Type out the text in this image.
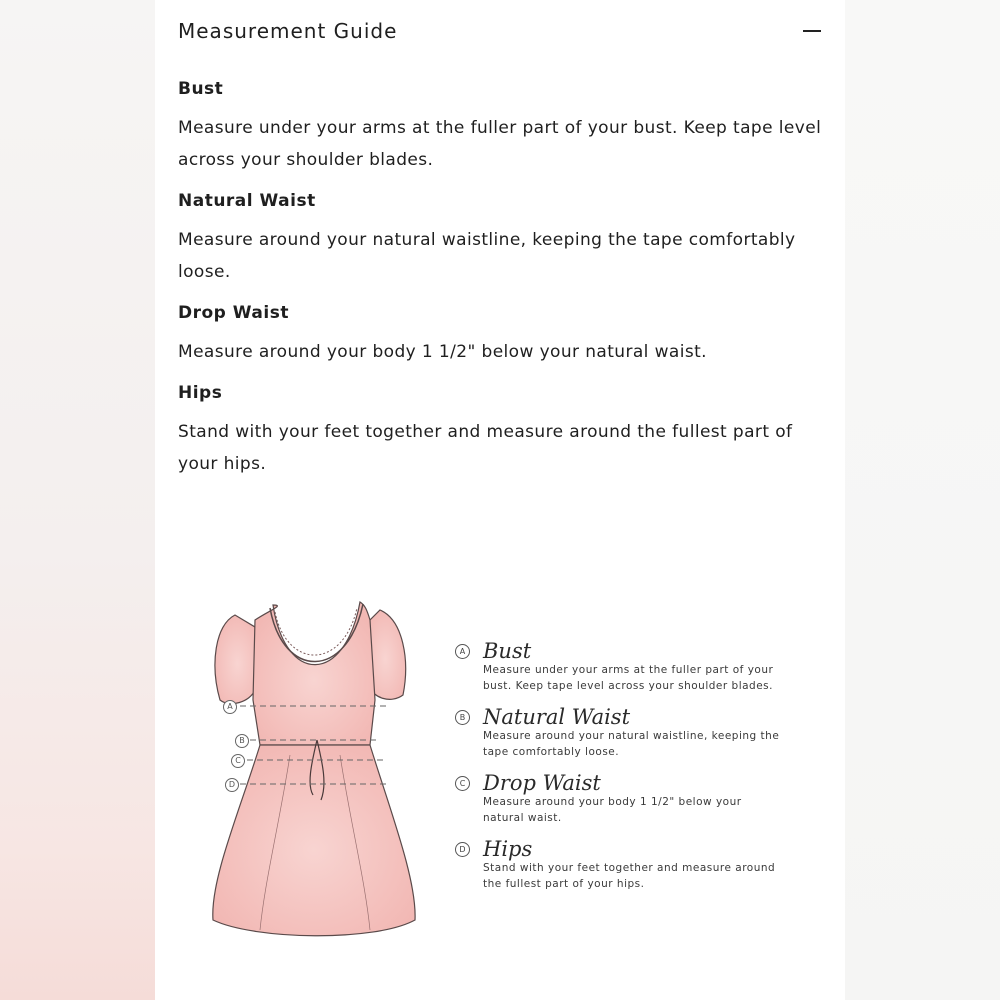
Measurement Guide
Bust

Measure under your arms at the fuller part of your bust. Keep tape level across your shoulder blades.

Natural Waist

Measure around your natural waistline, keeping the tape comfortably loose.

Drop Waist

Measure around your body 1 1/2" below your natural waist.

Hips

Stand with your feet together and measure around the fullest part of your hips.

A
B
C
D
A Bust
Measure under your arms at the fuller part of your bust. Keep tape level across your shoulder blades.
B Natural Waist
Measure around your natural waistline, keeping the tape comfortably loose.
C Drop Waist
Measure around your body 1 1/2" below your natural waist.
D Hips
Stand with your feet together and measure around the fullest part of your hips.
